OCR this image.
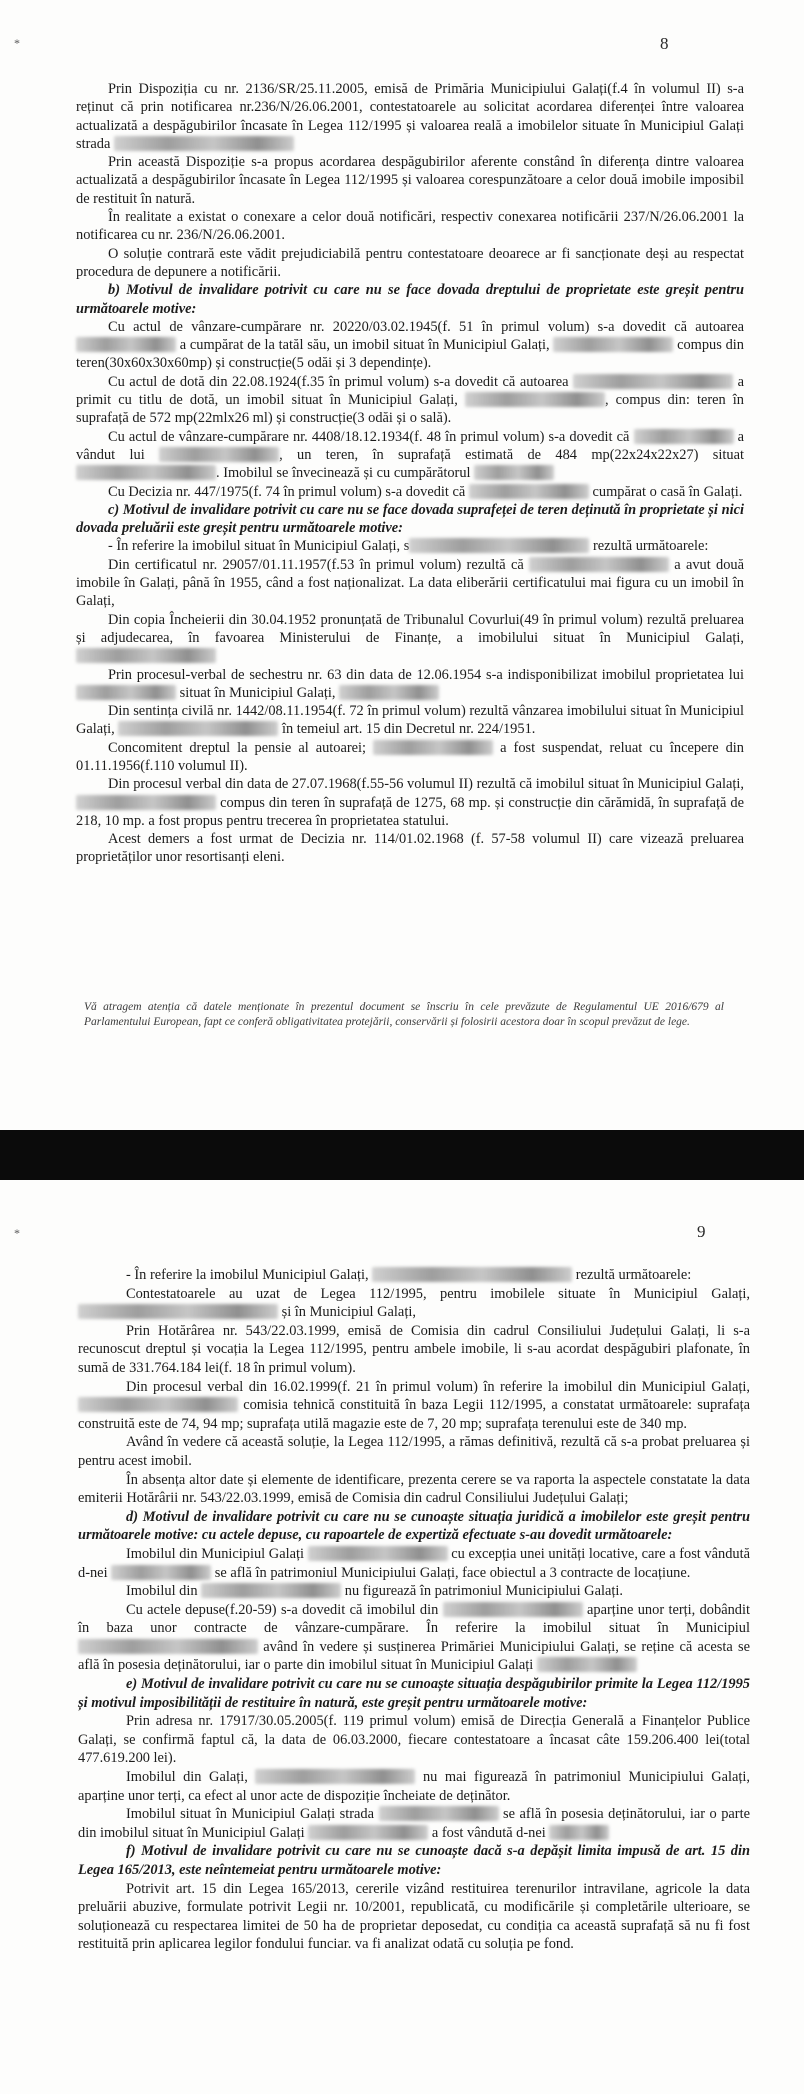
*	8

Prin Dispoziția cu nr. 2136/SR/25.11.2005, emisă de Primăria Municipiului Galați(f.4 în volumul II) s-a reținut că prin notificarea nr.236/N/26.06.2001, contestatoarele au solicitat acordarea diferenței între valoarea actualizată a despăgubirilor încasate în Legea 112/1995 și valoarea reală a imobilelor situate în Municipiul Galați strada

Prin această Dispoziție s-a propus acordarea despăgubirilor aferente constând în diferența dintre valoarea actualizată a despăgubirilor încasate în Legea 112/1995 și valoarea corespunzătoare a celor două imobile imposibil de restituit în natură.

În realitate a existat o conexare a celor două notificări, respectiv conexarea notificării 237/N/26.06.2001 la notificarea cu nr. 236/N/26.06.2001.

O soluție contrară este vădit prejudiciabilă pentru contestatoare deoarece ar fi sancționate deși au respectat procedura de depunere a notificării.

b) Motivul de invalidare potrivit cu care nu se face dovada dreptului de proprietate este greșit pentru următoarele motive:

Cu actul de vânzare-cumpărare nr. 20220/03.02.1945(f. 51 în primul volum) s-a dovedit că autoarea  a cumpărat de la tatăl său, un imobil situat în Municipiul Galați,	compus din teren(30x60x30x60mp) și construcție(5 odăi și 3 dependințe).

Cu actul de dotă din 22.08.1924(f.35 în primul volum) s-a dovedit că autoarea	a primit cu titlu de dotă, un imobil situat în Municipiul Galați,	, compus din: teren în suprafață de 572 mp(22mlx26 ml) și construcție(3 odăi și o sală).

Cu actul de vânzare-cumpărare nr. 4408/18.12.1934(f. 48 în primul volum) s-a dovedit că	a vândut lui	, un teren, în suprafață estimată de 484 mp(22x24x22x27) situat . Imobilul se învecinează și cu cumpărătorul

Cu Decizia nr. 447/1975(f. 74 în primul volum) s-a dovedit că	cumpărat o casă în Galați.

c) Motivul de invalidare potrivit cu care nu se face dovada suprafeței de teren deținută în proprietate și nici dovada preluării este greșit pentru următoarele motive:

- În referire la imobilul situat în Municipiul Galați, s	rezultă următoarele:

Din certificatul nr. 29057/01.11.1957(f.53 în primul volum) rezultă că	a avut două imobile în Galați, până în 1955, când a fost naționalizat. La data eliberării certificatului mai figura cu un imobil în Galați,

Din copia Încheierii din 30.04.1952 pronunțată de Tribunalul Covurlui(49 în primul volum) rezultă preluarea și adjudecarea, în favoarea Ministerului de Finanțe, a imobilului situat în Municipiul Galați,

Prin procesul-verbal de sechestru nr. 63 din data de 12.06.1954 s-a indisponibilizat imobilul proprietatea lui  situat în Municipiul Galați,

Din sentința civilă nr. 1442/08.11.1954(f. 72 în primul volum) rezultă vânzarea imobilului situat în Municipiul Galați,	în temeiul art. 15 din Decretul nr. 224/1951.

Concomitent dreptul la pensie al autoarei;	a fost suspendat, reluat cu începere din 01.11.1956(f.110 volumul II).

Din procesul verbal din data de 27.07.1968(f.55-56 volumul II) rezultă că imobilul situat în Municipiul Galați,  compus din teren în suprafață de 1275, 68 mp. și construcție din cărămidă, în suprafață de 218, 10 mp. a fost propus pentru trecerea în proprietatea statului.

Acest demers a fost urmat de Decizia nr. 114/01.02.1968 (f. 57-58 volumul II) care vizează preluarea proprietăților unor resortisanți eleni.

Vă atragem atenția că datele menționate în prezentul document se înscriu în cele prevăzute de Regulamentul UE 2016/679 al Parlamentului European, fapt ce conferă obligativitatea protejării, conservării și folosirii acestora doar în scopul prevăzut de lege.
*	9

- În referire la imobilul Municipiul Galați,	rezultă următoarele:

Contestatoarele au uzat de Legea 112/1995, pentru imobilele situate în Municipiul Galați,  și în Municipiul Galați,

Prin Hotărârea nr. 543/22.03.1999, emisă de Comisia din cadrul Consiliului Județului Galați, li s-a recunoscut dreptul și vocația la Legea 112/1995, pentru ambele imobile, li s-au acordat despăgubiri plafonate, în sumă de 331.764.184 lei(f. 18 în primul volum).

Din procesul verbal din 16.02.1999(f. 21 în primul volum) în referire la imobilul din Municipiul Galați,  comisia tehnică constituită în baza Legii 112/1995, a constatat următoarele: suprafața construită este de 74, 94 mp; suprafața utilă magazie este de 7, 20 mp; suprafața terenului este de 340 mp.

Având în vedere că această soluție, la Legea 112/1995, a rămas definitivă, rezultă că s-a probat preluarea și pentru acest imobil.

În absența altor date și elemente de identificare, prezenta cerere se va raporta la aspectele constatate la data emiterii Hotărârii nr. 543/22.03.1999, emisă de Comisia din cadrul Consiliului Județului Galați;

d) Motivul de invalidare potrivit cu care nu se cunoaște situația juridică a imobilelor este greșit pentru următoarele motive: cu actele depuse, cu rapoartele de expertiză efectuate s-au dovedit următoarele:

Imobilul din Municipiul Galați	cu excepția unei unități locative, care a fost vândută d-nei	se află în patrimoniul Municipiului Galați, face obiectul a 3 contracte de locațiune.

Imobilul din	nu figurează în patrimoniul Municipiului Galați.

Cu actele depuse(f.20-59) s-a dovedit că imobilul din	aparține unor terți, dobândit în baza unor contracte de vânzare-cumpărare. În referire la imobilul situat în Municipiul  având în vedere și susținerea Primăriei Municipiului Galați, se reține că acesta se află în posesia deținătorului, iar o parte din imobilul situat în Municipiul Galați

e) Motivul de invalidare potrivit cu care nu se cunoaște situația despăgubirilor primite la Legea 112/1995 și motivul imposibilității de restituire în natură, este greșit pentru următoarele motive:

Prin adresa nr. 17917/30.05.2005(f. 119 primul volum) emisă de Direcția Generală a Finanțelor Publice Galați, se confirmă faptul că, la data de 06.03.2000, fiecare contestatoare a încasat câte 159.206.400 lei(total 477.619.200 lei).

Imobilul din Galați,	nu mai figurează în patrimoniul Municipiului Galați, aparține unor terți, ca efect al unor acte de dispoziție încheiate de deținător.

Imobilul situat în Municipiul Galați strada	se află în posesia deținătorului, iar o parte din imobilul situat în Municipiul Galați	a fost vândută d-nei

f) Motivul de invalidare potrivit cu care nu se cunoaște dacă s-a depășit limita impusă de art. 15 din Legea 165/2013, este neîntemeiat pentru următoarele motive:

Potrivit art. 15 din Legea 165/2013, cererile vizând restituirea terenurilor intravilane, agricole la data preluării abuzive, formulate potrivit Legii nr. 10/2001, republicată, cu modificările și completările ulterioare, se soluționează cu respectarea limitei de 50 ha de proprietar deposedat, cu condiția ca această suprafață să nu fi fost restituită prin aplicarea legilor fondului funciar. va fi analizat odată cu soluția pe fond.
